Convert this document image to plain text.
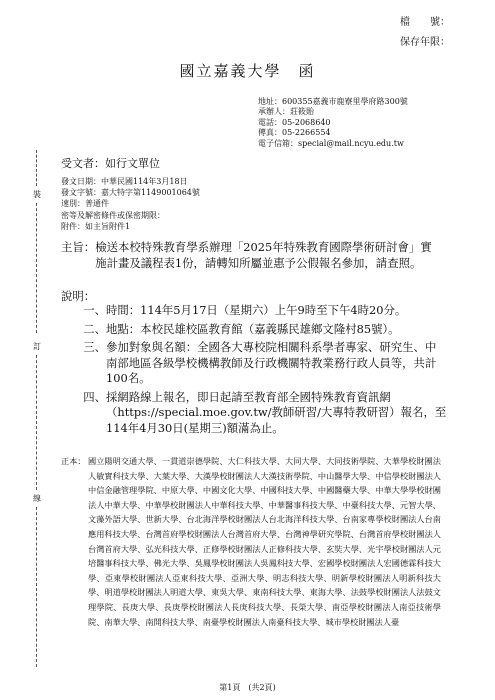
檔　　號：
保存年限：
國立嘉義大學　函
地址：600355嘉義市鹿寮里學府路300號
承辦人：莊筱貽
電話：05-2068640
傳真：05-2266554
電子信箱：special@mail.ncyu.edu.tw
受文者：如行文單位
發文日期：中華民國114年3月18日
發文字號：嘉大特字第1149001064號
速別：普通件
密等及解密條件或保密期限：
附件：如主旨附件1
主旨： 檢送本校特殊教育學系辦理「2025年特殊教育國際學術研討會」實施計畫及議程表1份，請轉知所屬並惠予公假報名參加，請查照。
說明：
一、 時間：114年5月17日（星期六）上午9時至下午4時20分。
二、 地點：本校民雄校區教育館（嘉義縣民雄鄉文隆村85號）。
三、 參加對象與名額：全國各大專校院相關科系學者專家、研究生、中南部地區各級學校機構教師及行政機關特教業務行政人員等，共計100名。
四、 採網路線上報名，即日起請至教育部全國特殊教育資訊網（https://special.moe.gov.tw/教師研習/大專特教研習）報名，至114年4月30日(星期三)額滿為止。
正本： 國立陽明交通大學、一貫道崇德學院、大仁科技大學、大同大學、大同技術學院、大華學校財團法人敏實科技大學、大葉大學、大漢學校財團法人大漢技術學院、中山醫學大學、中信學校財團法人中信金融管理學院、中原大學、中國文化大學、中國科技大學、中國醫藥大學、中華大學學校財團法人中華大學、中華學校財團法人中華科技大學、中華醫事科技大學、中臺科技大學、元智大學、文藻外語大學、世新大學、台北海洋學校財團法人台北海洋科技大學、台南家專學校財團法人台南應用科技大學、台灣首府學校財團法人台灣首府大學、台灣神學研究學院、台灣首府學校財團法人台灣首府大學、弘光科技大學、正修學校財團法人正修科技大學、玄奘大學、光宇學校財團法人元培醫事科技大學、佛光大學、吳鳳學校財團法人吳鳳科技大學、宏國學校財團法人宏國德霖科技大學、亞東學校財團法人亞東科技大學、亞洲大學、明志科技大學、明新學校財團法人明新科技大學、明道學校財團法人明道大學、東吳大學、東南科技大學、東海大學、法鼓學校財團法人法鼓文理學院、長庚大學、長庚學校財團法人長庚科技大學、長榮大學、南亞學校財團法人南亞技術學院、南華大學、南開科技大學、南臺學校財團法人南臺科技大學、城市學校財團法人臺
裝
訂
線
第1頁　(共2頁)
